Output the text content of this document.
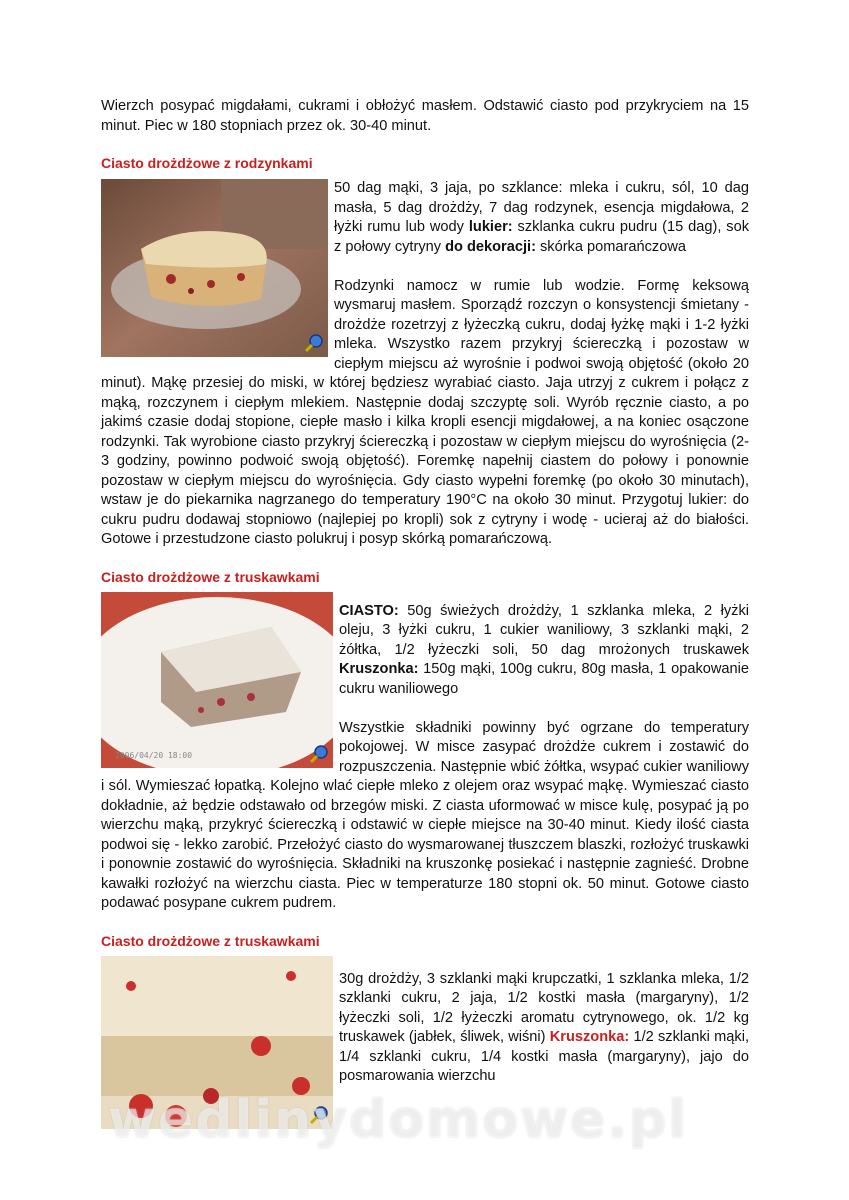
Wierzch posypać migdałami, cukrami i obłożyć masłem. Odstawić ciasto pod przykryciem na 15 minut. Piec w 180 stopniach przez ok. 30-40 minut.

Ciasto drożdżowe z rodzynkami

50 dag mąki, 3 jaja, po szklance: mleka i cukru, sól, 10 dag masła, 5 dag drożdży, 7 dag rodzynek, esencja migdałowa, 2 łyżki rumu lub wody lukier: szklanka cukru pudru (15 dag), sok z połowy cytryny do dekoracji: skórka pomarańczowa

Rodzynki namocz w rumie lub wodzie. Formę keksową wysmaruj masłem. Sporządź rozczyn o konsystencji śmietany - drożdże rozetrzyj z łyżeczką cukru, dodaj łyżkę mąki i 1-2 łyżki mleka. Wszystko razem przykryj ściereczką i pozostaw w ciepłym miejscu aż wyrośnie i podwoi swoją objętość (około 20 minut). Mąkę przesiej do miski, w której będziesz wyrabiać ciasto. Jaja utrzyj z cukrem i połącz z mąką, rozczynem i ciepłym mlekiem. Następnie dodaj szczyptę soli. Wyrób ręcznie ciasto, a po jakimś czasie dodaj stopione, ciepłe masło i kilka kropli esencji migdałowej, a na koniec osączone rodzynki. Tak wyrobione ciasto przykryj ściereczką i pozostaw w ciepłym miejscu do wyrośnięcia (2-3 godziny, powinno podwoić swoją objętość). Foremkę napełnij ciastem do połowy i ponownie pozostaw w ciepłym miejscu do wyrośnięcia. Gdy ciasto wypełni foremkę (po około 30 minutach), wstaw je do piekarnika nagrzanego do temperatury 190°C na około 30 minut. Przygotuj lukier: do cukru pudru dodawaj stopniowo (najlepiej po kropli) sok z cytryny i wodę - ucieraj aż do białości. Gotowe i przestudzone ciasto polukruj i posyp skórką pomarańczową.

Ciasto drożdżowe z truskawkami
2006/04/20 18:00

CIASTO: 50g świeżych drożdży, 1 szklanka mleka, 2 łyżki oleju, 3 łyżki cukru, 1 cukier waniliowy, 3 szklanki mąki, 2 żółtka, 1/2 łyżeczki soli, 50 dag mrożonych truskawek Kruszonka: 150g mąki, 100g cukru, 80g masła, 1 opakowanie cukru waniliowego

Wszystkie składniki powinny być ogrzane do temperatury pokojowej. W misce zasypać drożdże cukrem i zostawić do rozpuszczenia. Następnie wbić żółtka, wsypać cukier waniliowy i sól. Wymieszać łopatką. Kolejno wlać ciepłe mleko z olejem oraz wsypać mąkę. Wymieszać ciasto dokładnie, aż będzie odstawało od brzegów miski. Z ciasta uformować w misce kulę, posypać ją po wierzchu mąką, przykryć ściereczką i odstawić w ciepłe miejsce na 30-40 minut. Kiedy ilość ciasta podwoi się - lekko zarobić. Przełożyć ciasto do wysmarowanej tłuszczem blaszki, rozłożyć truskawki i ponownie zostawić do wyrośnięcia. Składniki na kruszonkę posiekać i następnie zagnieść. Drobne kawałki rozłożyć na wierzchu ciasta. Piec w temperaturze 180 stopni ok. 50 minut. Gotowe ciasto podawać posypane cukrem pudrem.

Ciasto drożdżowe z truskawkami

30g drożdży, 3 szklanki mąki krupczatki, 1 szklanka mleka, 1/2 szklanki cukru, 2 jaja, 1/2 kostki masła (margaryny), 1/2 łyżeczki soli, 1/2 łyżeczki aromatu cytrynowego, ok. 1/2 kg truskawek (jabłek, śliwek, wiśni) Kruszonka: 1/2 szklanki mąki, 1/4 szklanki cukru, 1/4 kostki masła (margaryny), jajo do posmarowania wierzchu

wedlinydomowe.pl
